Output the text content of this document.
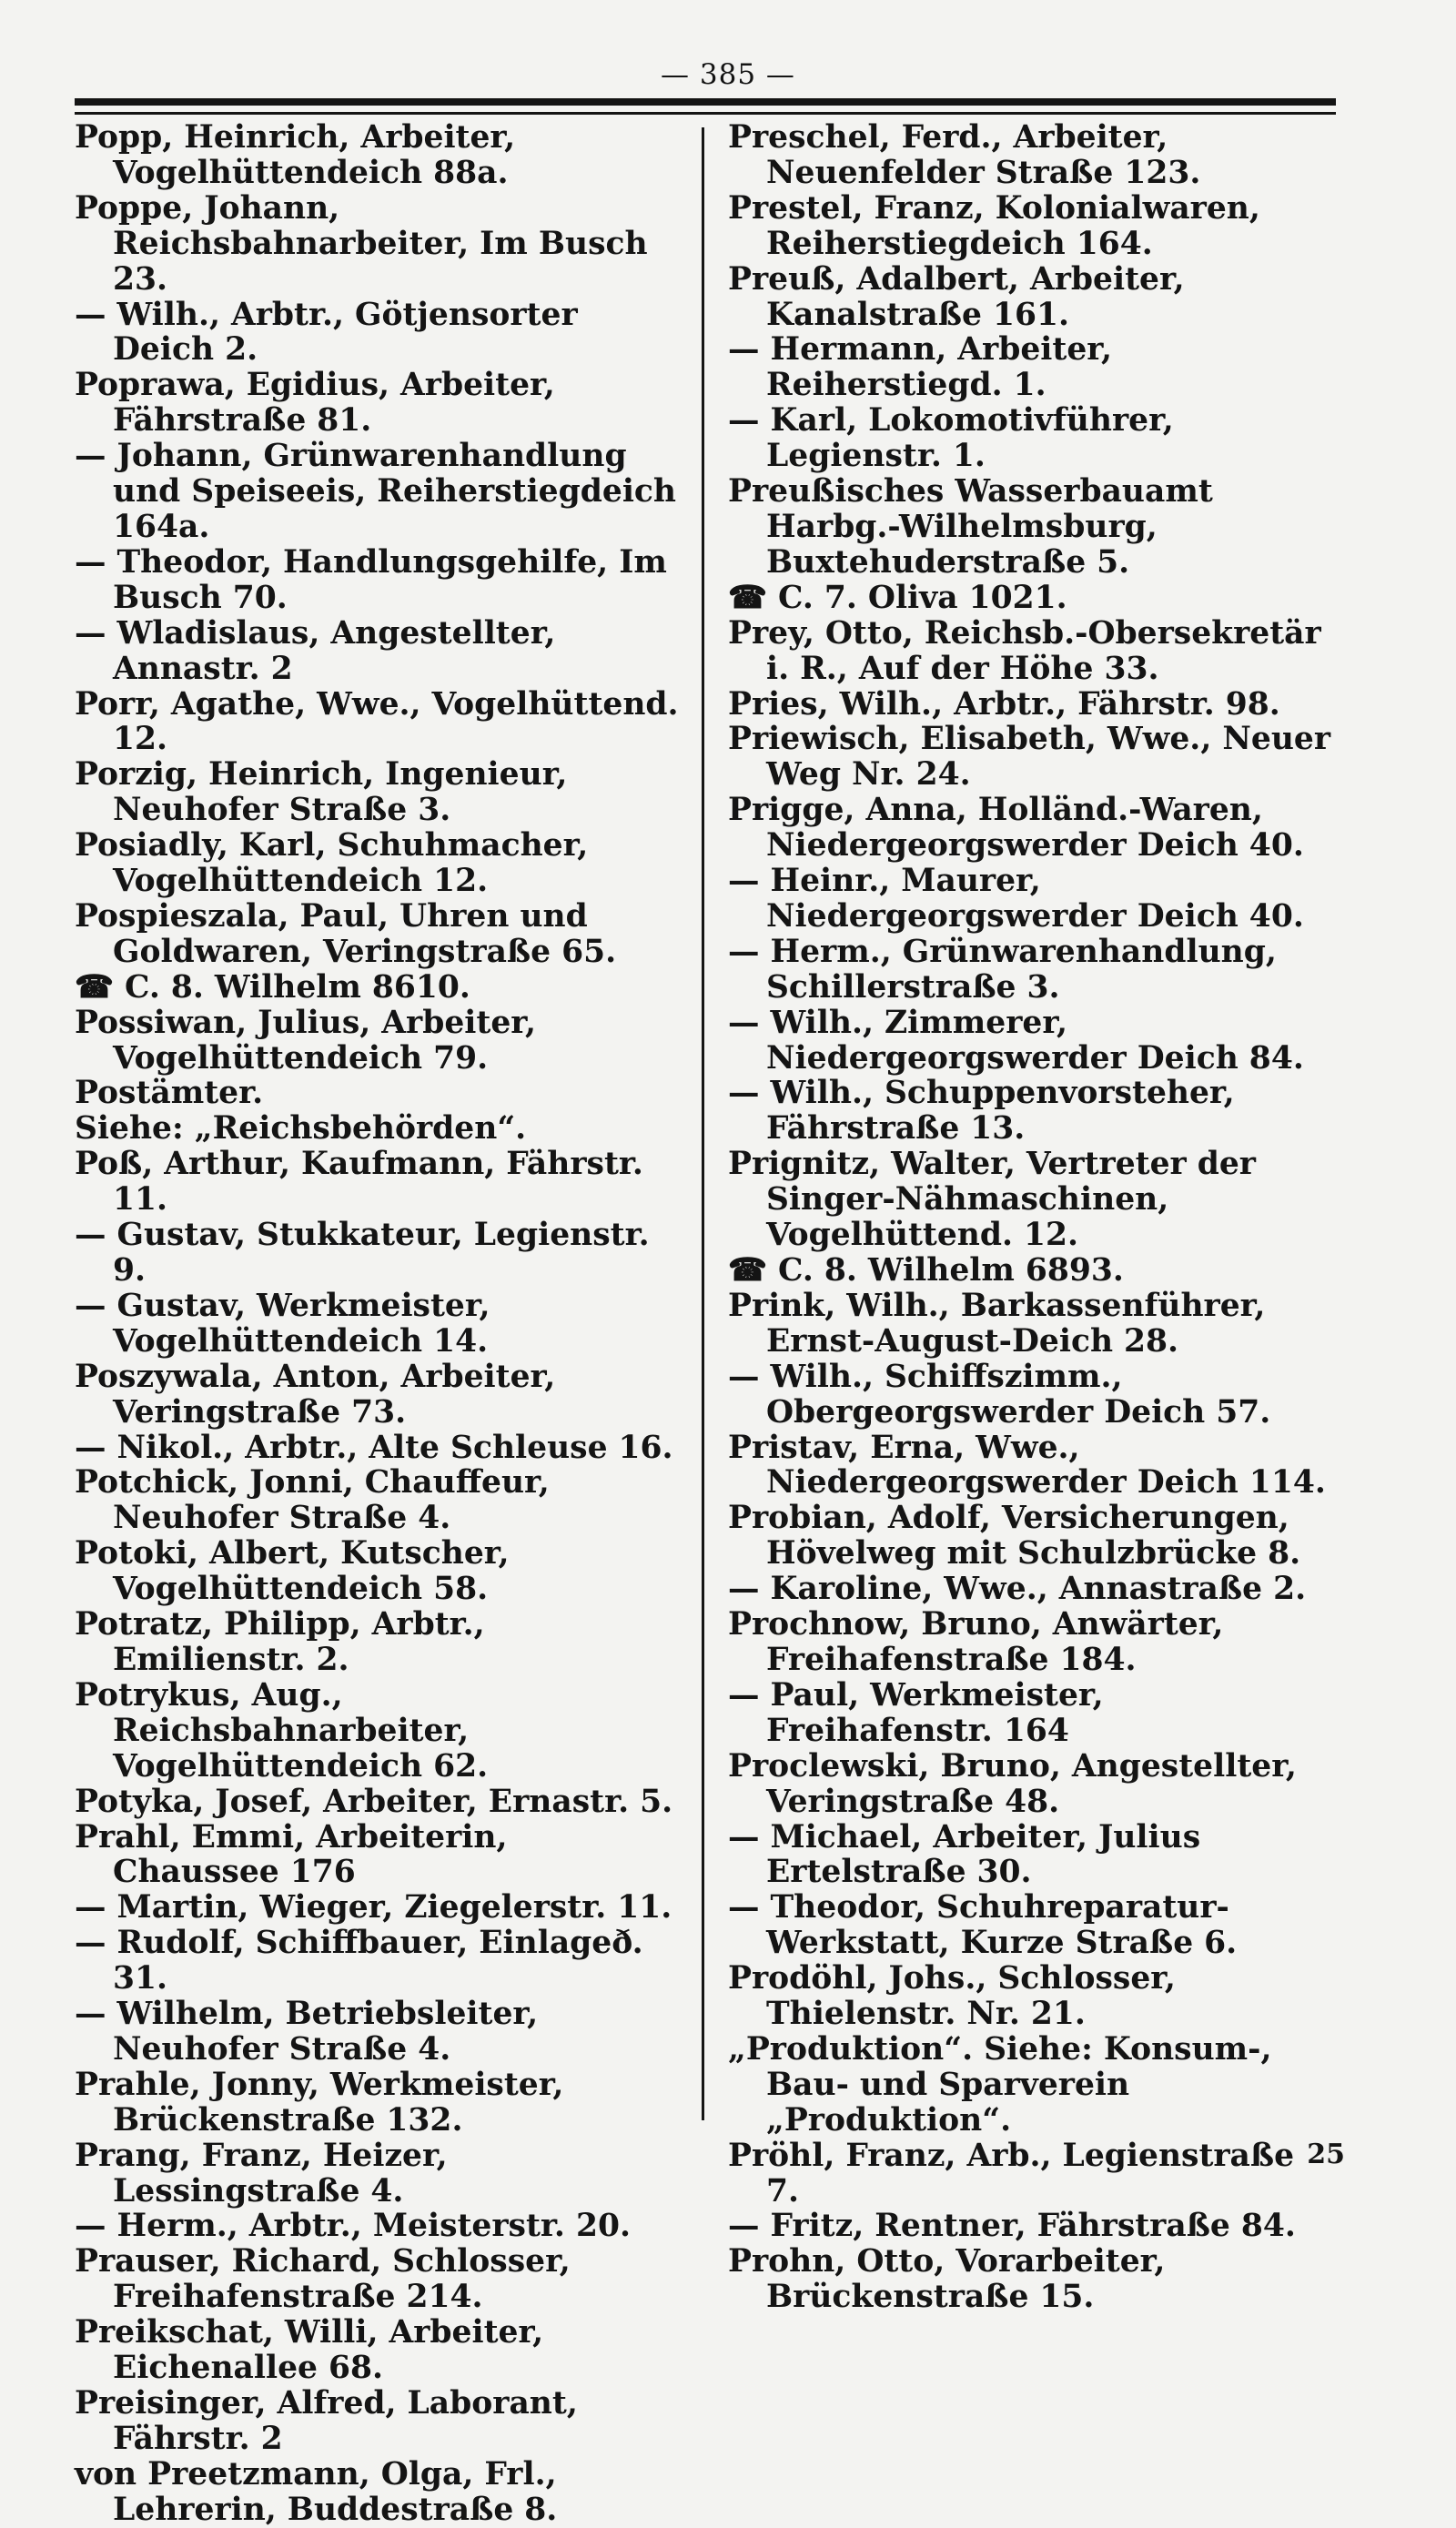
— 385 —
Popp, Heinrich, Arbeiter, Vogelhüttendeich 88a.
Poppe, Johann, Reichsbahnarbeiter, Im Busch 23.
— Wilh., Arbtr., Götjensorter Deich 2.
Poprawa, Egidius, Arbeiter, Fährstraße 81.
— Johann, Grünwarenhandlung und Speiseeis, Reiherstiegdeich 164a.
— Theodor, Handlungsgehilfe, Im Busch 70.
— Wladislaus, Angestellter, Annastr. 2
Porr, Agathe, Wwe., Vogelhüttend. 12.
Porzig, Heinrich, Ingenieur, Neuhofer Straße 3.
Posiadly, Karl, Schuhmacher, Vogelhüttendeich 12.
Pospieszala, Paul, Uhren und Goldwaren, Veringstraße 65.
☎ C. 8. Wilhelm 8610.
Possiwan, Julius, Arbeiter, Vogelhüttendeich 79.
Postämter.
Siehe: „Reichsbehörden“.
Poß, Arthur, Kaufmann, Fährstr. 11.
— Gustav, Stukkateur, Legienstr. 9.
— Gustav, Werkmeister, Vogelhüttendeich 14.
Poszywala, Anton, Arbeiter, Veringstraße 73.
— Nikol., Arbtr., Alte Schleuse 16.
Potchick, Jonni, Chauffeur, Neuhofer Straße 4.
Potoki, Albert, Kutscher, Vogelhüttendeich 58.
Potratz, Philipp, Arbtr., Emilienstr. 2.
Potrykus, Aug., Reichsbahnarbeiter, Vogelhüttendeich 62.
Potyka, Josef, Arbeiter, Ernastr. 5.
Prahl, Emmi, Arbeiterin, Chaussee 176
— Martin, Wieger, Ziegelerstr. 11.
— Rudolf, Schiffbauer, Einlageð. 31.
— Wilhelm, Betriebsleiter, Neuhofer Straße 4.
Prahle, Jonny, Werkmeister, Brückenstraße 132.
Prang, Franz, Heizer, Lessingstraße 4.
— Herm., Arbtr., Meisterstr. 20.
Prauser, Richard, Schlosser, Freihafenstraße 214.
Preikschat, Willi, Arbeiter, Eichenallee 68.
Preisinger, Alfred, Laborant, Fährstr. 2
von Preetzmann, Olga, Frl., Lehrerin, Buddestraße 8.
Preschel, Ferd., Arbeiter, Neuenfelder Straße 123.
Prestel, Franz, Kolonialwaren, Reiherstiegdeich 164.
Preuß, Adalbert, Arbeiter, Kanalstraße 161.
— Hermann, Arbeiter, Reiherstiegd. 1.
— Karl, Lokomotivführer, Legienstr. 1.
Preußisches Wasserbauamt Harbg.-Wilhelmsburg, Buxtehuderstraße 5.
☎ C. 7. Oliva 1021.
Prey, Otto, Reichsb.-Obersekretär i. R., Auf der Höhe 33.
Pries, Wilh., Arbtr., Fährstr. 98.
Priewisch, Elisabeth, Wwe., Neuer Weg Nr. 24.
Prigge, Anna, Holländ.-Waren, Niedergeorgswerder Deich 40.
— Heinr., Maurer, Niedergeorgswerder Deich 40.
— Herm., Grünwarenhandlung, Schillerstraße 3.
— Wilh., Zimmerer, Niedergeorgswerder Deich 84.
— Wilh., Schuppenvorsteher, Fährstraße 13.
Prignitz, Walter, Vertreter der Singer-Nähmaschinen, Vogelhüttend. 12.
☎ C. 8. Wilhelm 6893.
Prink, Wilh., Barkassenführer, Ernst-August-Deich 28.
— Wilh., Schiffszimm., Obergeorgswerder Deich 57.
Pristav, Erna, Wwe., Niedergeorgswerder Deich 114.
Probian, Adolf, Versicherungen, Hövelweg mit Schulzbrücke 8.
— Karoline, Wwe., Annastraße 2.
Prochnow, Bruno, Anwärter, Freihafenstraße 184.
— Paul, Werkmeister, Freihafenstr. 164
Proclewski, Bruno, Angestellter, Veringstraße 48.
— Michael, Arbeiter, Julius Ertelstraße 30.
— Theodor, Schuhreparatur-Werkstatt, Kurze Straße 6.
Prodöhl, Johs., Schlosser, Thielenstr. Nr. 21.
„Produktion“. Siehe: Konsum-, Bau- und Sparverein „Produktion“.
Pröhl, Franz, Arb., Legienstraße 7.
— Fritz, Rentner, Fährstraße 84.
Prohn, Otto, Vorarbeiter, Brückenstraße 15.
25
